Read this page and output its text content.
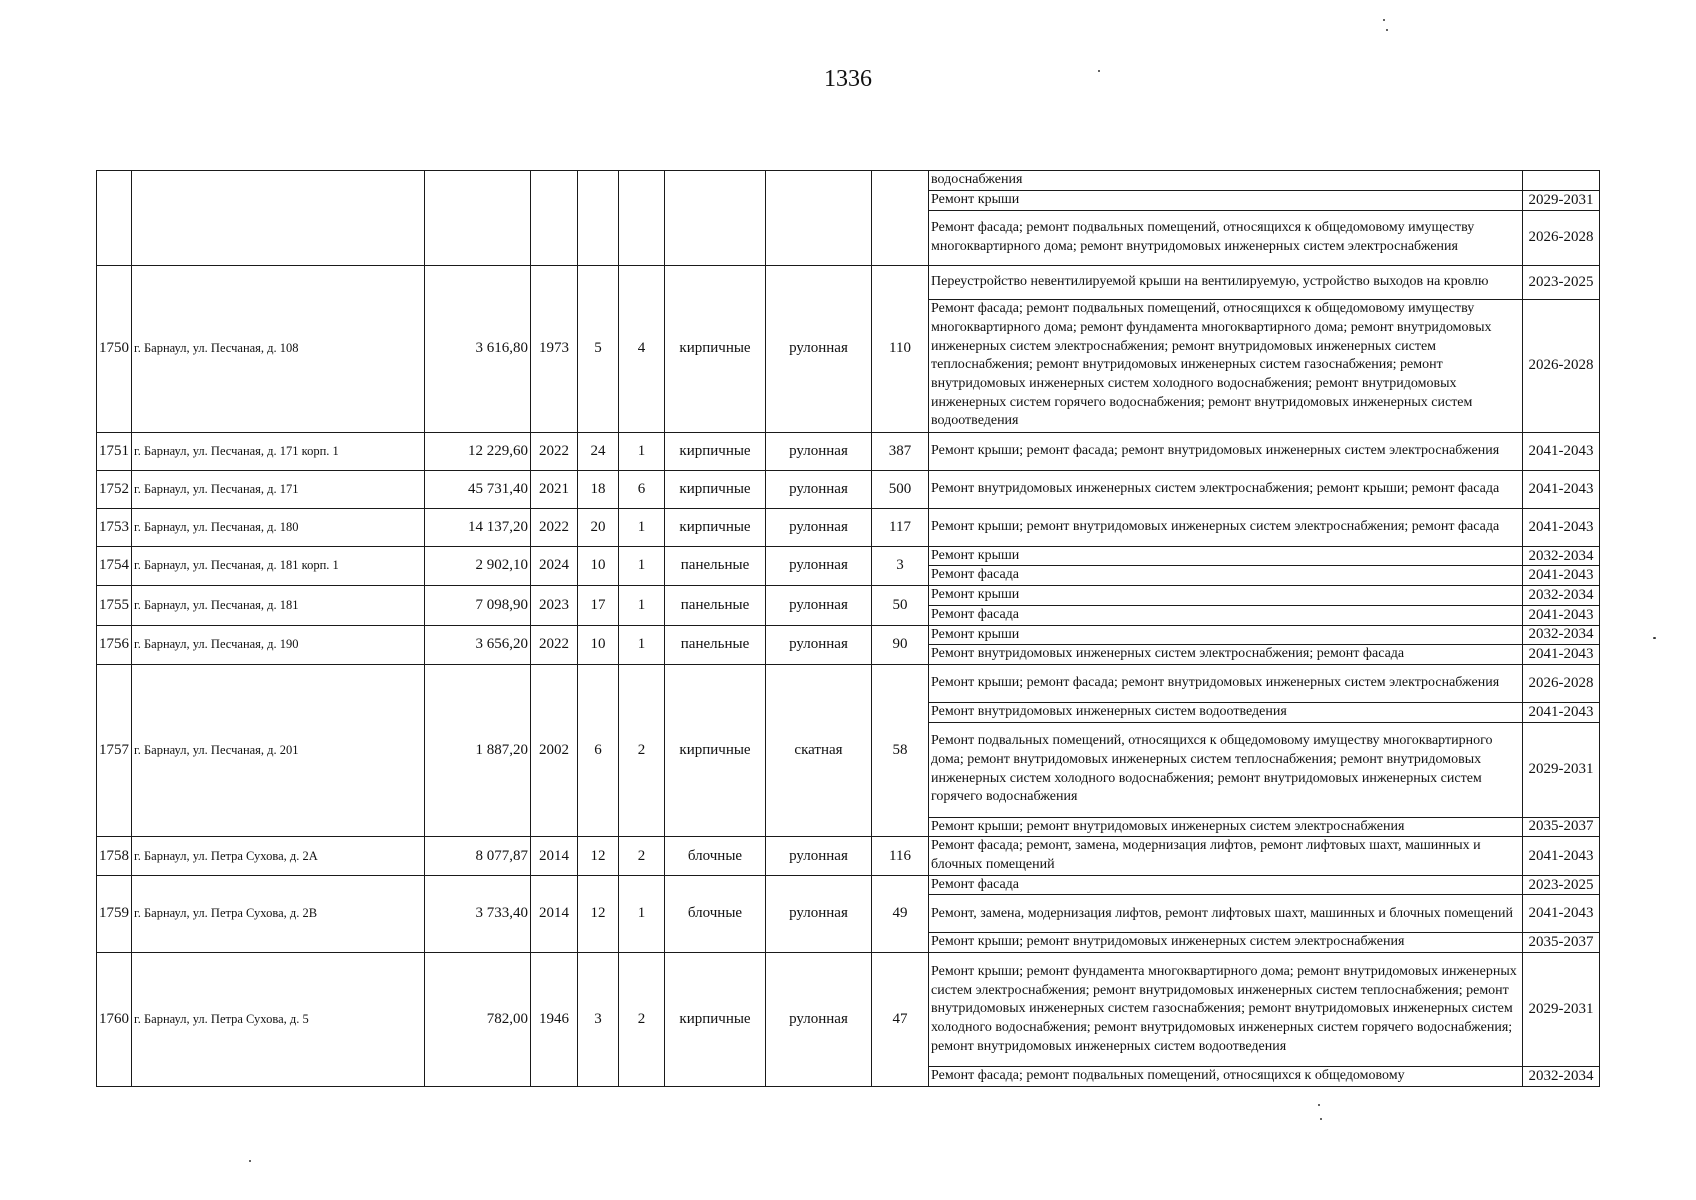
1336
									водоснабжения	
									Ремонт крыши	2029-2031
									Ремонт фасада; ремонт подвальных помещений, относящихся к общедомовому имуществу многоквартирного дома; ремонт внутридомовых инженерных систем электроснабжения	2026-2028
1750	г. Барнаул, ул. Песчаная, д. 108	3 616,80	1973	5	4	кирпичные	рулонная	110	Переустройство невентилируемой крыши на вентилируемую, устройство выходов на кровлю	2023-2025
									Ремонт фасада; ремонт подвальных помещений, относящихся к общедомовому имуществу многоквартирного дома; ремонт фундамента многоквартирного дома; ремонт внутридомовых инженерных систем электроснабжения; ремонт внутридомовых инженерных систем теплоснабжения; ремонт внутридомовых инженерных систем газоснабжения; ремонт внутридомовых инженерных систем холодного водоснабжения; ремонт внутридомовых инженерных систем горячего водоснабжения; ремонт внутридомовых инженерных систем водоотведения	2026-2028
1751	г. Барнаул, ул. Песчаная, д. 171 корп. 1	12 229,60	2022	24	1	кирпичные	рулонная	387	Ремонт крыши; ремонт фасада; ремонт внутридомовых инженерных систем электроснабжения	2041-2043
1752	г. Барнаул, ул. Песчаная, д. 171	45 731,40	2021	18	6	кирпичные	рулонная	500	Ремонт внутридомовых инженерных систем электроснабжения; ремонт крыши; ремонт фасада	2041-2043
1753	г. Барнаул, ул. Песчаная, д. 180	14 137,20	2022	20	1	кирпичные	рулонная	117	Ремонт крыши; ремонт внутридомовых инженерных систем электроснабжения; ремонт фасада	2041-2043
1754	г. Барнаул, ул. Песчаная, д. 181 корп. 1	2 902,10	2024	10	1	панельные	рулонная	3	Ремонт крыши	2032-2034
									Ремонт фасада	2041-2043
1755	г. Барнаул, ул. Песчаная, д. 181	7 098,90	2023	17	1	панельные	рулонная	50	Ремонт крыши	2032-2034
									Ремонт фасада	2041-2043
1756	г. Барнаул, ул. Песчаная, д. 190	3 656,20	2022	10	1	панельные	рулонная	90	Ремонт крыши	2032-2034
									Ремонт внутридомовых инженерных систем электроснабжения; ремонт фасада	2041-2043
1757	г. Барнаул, ул. Песчаная, д. 201	1 887,20	2002	6	2	кирпичные	скатная	58	Ремонт крыши; ремонт фасада; ремонт внутридомовых инженерных систем электроснабжения	2026-2028
									Ремонт внутридомовых инженерных систем водоотведения	2041-2043
									Ремонт подвальных помещений, относящихся к общедомовому имуществу многоквартирного дома; ремонт внутридомовых инженерных систем теплоснабжения; ремонт внутридомовых инженерных систем холодного водоснабжения; ремонт внутридомовых инженерных систем горячего водоснабжения	2029-2031
									Ремонт крыши; ремонт внутридомовых инженерных систем электроснабжения	2035-2037
1758	г. Барнаул, ул. Петра Сухова, д. 2А	8 077,87	2014	12	2	блочные	рулонная	116	Ремонт фасада; ремонт, замена, модернизация лифтов, ремонт лифтовых шахт, машинных и блочных помещений	2041-2043
1759	г. Барнаул, ул. Петра Сухова, д. 2В	3 733,40	2014	12	1	блочные	рулонная	49	Ремонт фасада	2023-2025
									Ремонт, замена, модернизация лифтов, ремонт лифтовых шахт, машинных и блочных помещений	2041-2043
									Ремонт крыши; ремонт внутридомовых инженерных систем электроснабжения	2035-2037
1760	г. Барнаул, ул. Петра Сухова, д. 5	782,00	1946	3	2	кирпичные	рулонная	47	Ремонт крыши; ремонт фундамента многоквартирного дома; ремонт внутридомовых инженерных систем электроснабжения; ремонт внутридомовых инженерных систем теплоснабжения; ремонт внутридомовых инженерных систем газоснабжения; ремонт внутридомовых инженерных систем холодного водоснабжения; ремонт внутридомовых инженерных систем горячего водоснабжения; ремонт внутридомовых инженерных систем водоотведения	2029-2031
									Ремонт фасада; ремонт подвальных помещений, относящихся к общедомовому	2032-2034
